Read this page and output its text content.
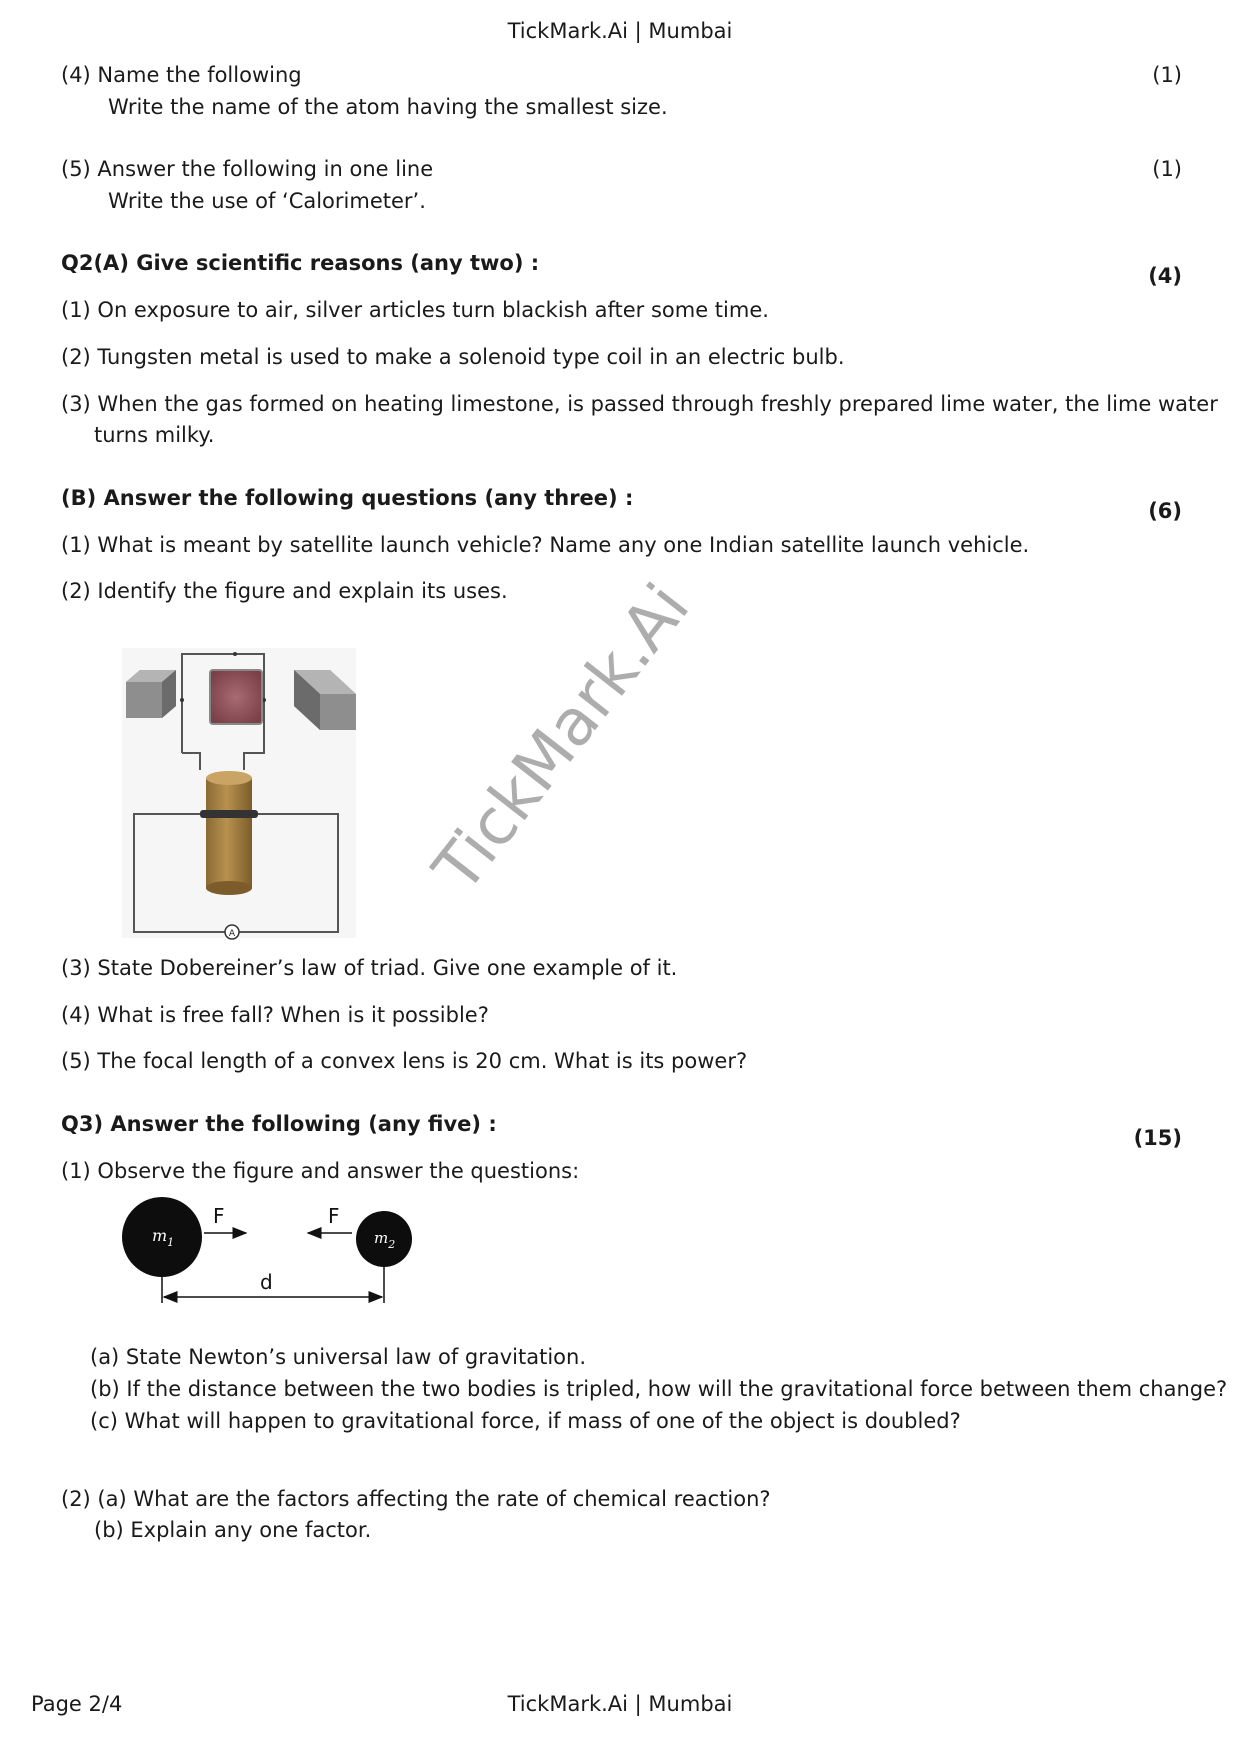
TickMark.Ai | Mumbai
(4) Name the following	(1)
Write the name of the atom having the smallest size.
(5) Answer the following in one line	(1)
Write the use of ‘Calorimeter’.
Q2(A) Give scientific reasons (any two) :
(4)
(1) On exposure to air, silver articles turn blackish after some time.
(2) Tungsten metal is used to make a solenoid type coil in an electric bulb.
(3) When the gas formed on heating limestone, is passed through freshly prepared lime water, the lime water
turns milky.
(B) Answer the following questions (any three) :
(6)
(1) What is meant by satellite launch vehicle? Name any one Indian satellite launch vehicle.
(2) Identify the figure and explain its uses.
A
(3) State Dobereiner’s law of triad. Give one example of it.
(4) What is free fall? When is it possible?
(5) The focal length of a convex lens is 20 cm. What is its power?
Q3) Answer the following (any five) :
(15)
(1) Observe the figure and answer the questions:
$m_1$	$m_2$
F	F
d
(a) State Newton’s universal law of gravitation.
(b) If the distance between the two bodies is tripled, how will the gravitational force between them change?
(c) What will happen to gravitational force, if mass of one of the object is doubled?
(2) (a) What are the factors affecting the rate of chemical reaction?
(b) Explain any one factor.
TickMark.Ai
Page 2/4	TickMark.Ai | Mumbai
